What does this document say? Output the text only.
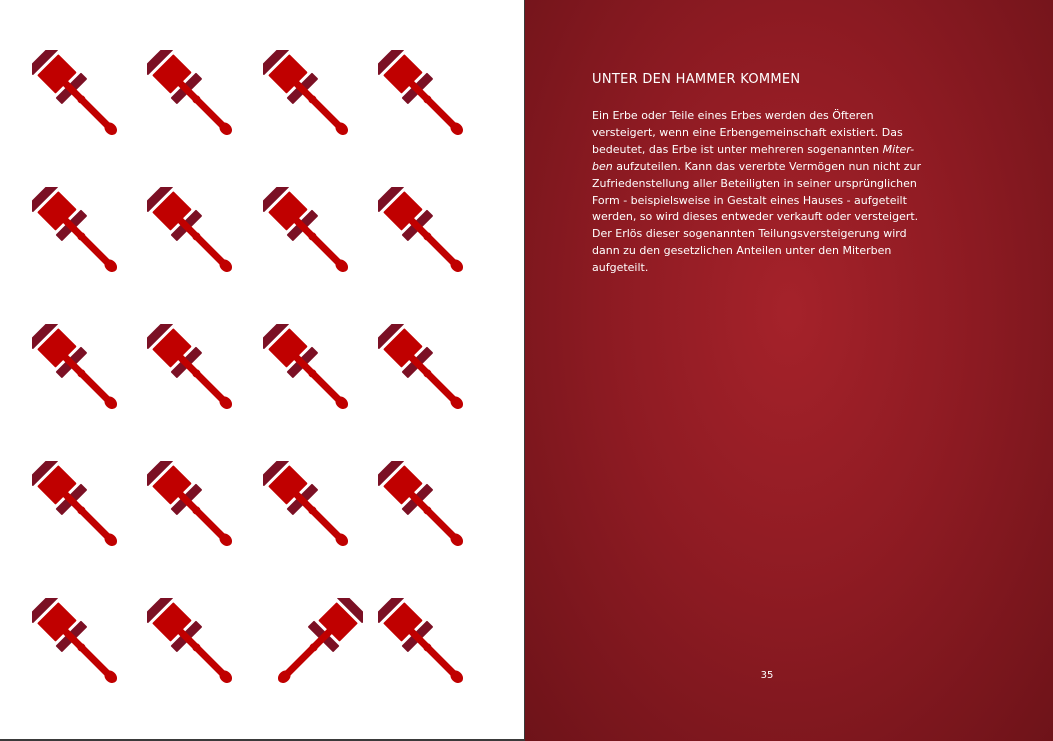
UNTER DEN HAMMER KOMMEN

Ein Erbe oder Teile eines Erbes werden des Öfteren

versteigert, wenn eine Erbengemeinschaft existiert. Das

bedeutet, das Erbe ist unter mehreren sogenannten Miter-

ben aufzuteilen. Kann das vererbte Vermögen nun nicht zur

Zufriedenstellung aller Beteiligten in seiner ursprünglichen

Form - beispielsweise in Gestalt eines Hauses - aufgeteilt

werden, so wird dieses entweder verkauft oder versteigert.

Der Erlös dieser sogenannten Teilungsversteigerung wird

dann zu den gesetzlichen Anteilen unter den Miterben

aufgeteilt.

35
